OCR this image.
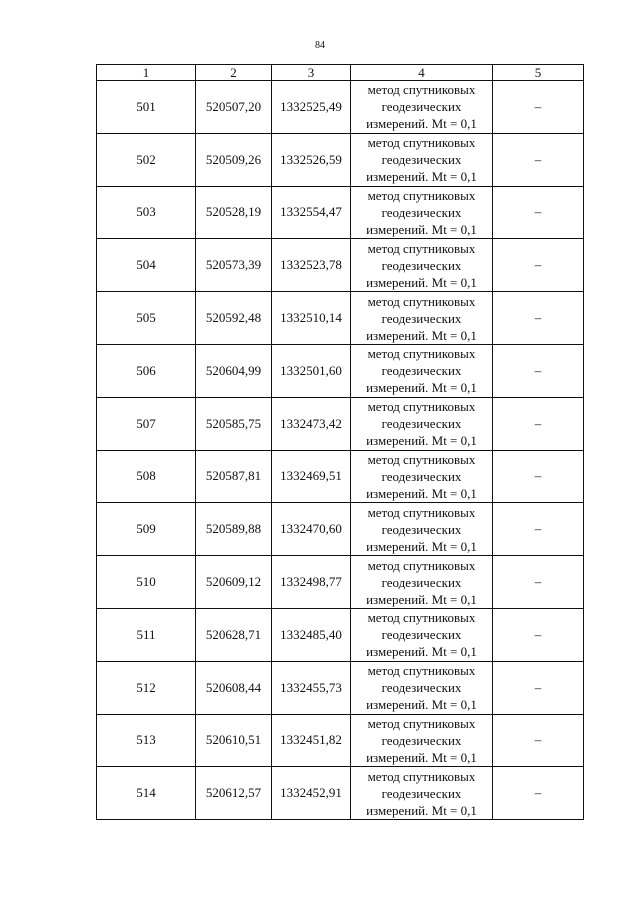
84
1	2	3	4	5
501	520507,20	1332525,49	метод спутниковых
геодезических
измерений. Mt = 0,1	–
502	520509,26	1332526,59	метод спутниковых
геодезических
измерений. Mt = 0,1	–
503	520528,19	1332554,47	метод спутниковых
геодезических
измерений. Mt = 0,1	–
504	520573,39	1332523,78	метод спутниковых
геодезических
измерений. Mt = 0,1	–
505	520592,48	1332510,14	метод спутниковых
геодезических
измерений. Mt = 0,1	–
506	520604,99	1332501,60	метод спутниковых
геодезических
измерений. Mt = 0,1	–
507	520585,75	1332473,42	метод спутниковых
геодезических
измерений. Mt = 0,1	–
508	520587,81	1332469,51	метод спутниковых
геодезических
измерений. Mt = 0,1	–
509	520589,88	1332470,60	метод спутниковых
геодезических
измерений. Mt = 0,1	–
510	520609,12	1332498,77	метод спутниковых
геодезических
измерений. Mt = 0,1	–
511	520628,71	1332485,40	метод спутниковых
геодезических
измерений. Mt = 0,1	–
512	520608,44	1332455,73	метод спутниковых
геодезических
измерений. Mt = 0,1	–
513	520610,51	1332451,82	метод спутниковых
геодезических
измерений. Mt = 0,1	–
514	520612,57	1332452,91	метод спутниковых
геодезических
измерений. Mt = 0,1	–
